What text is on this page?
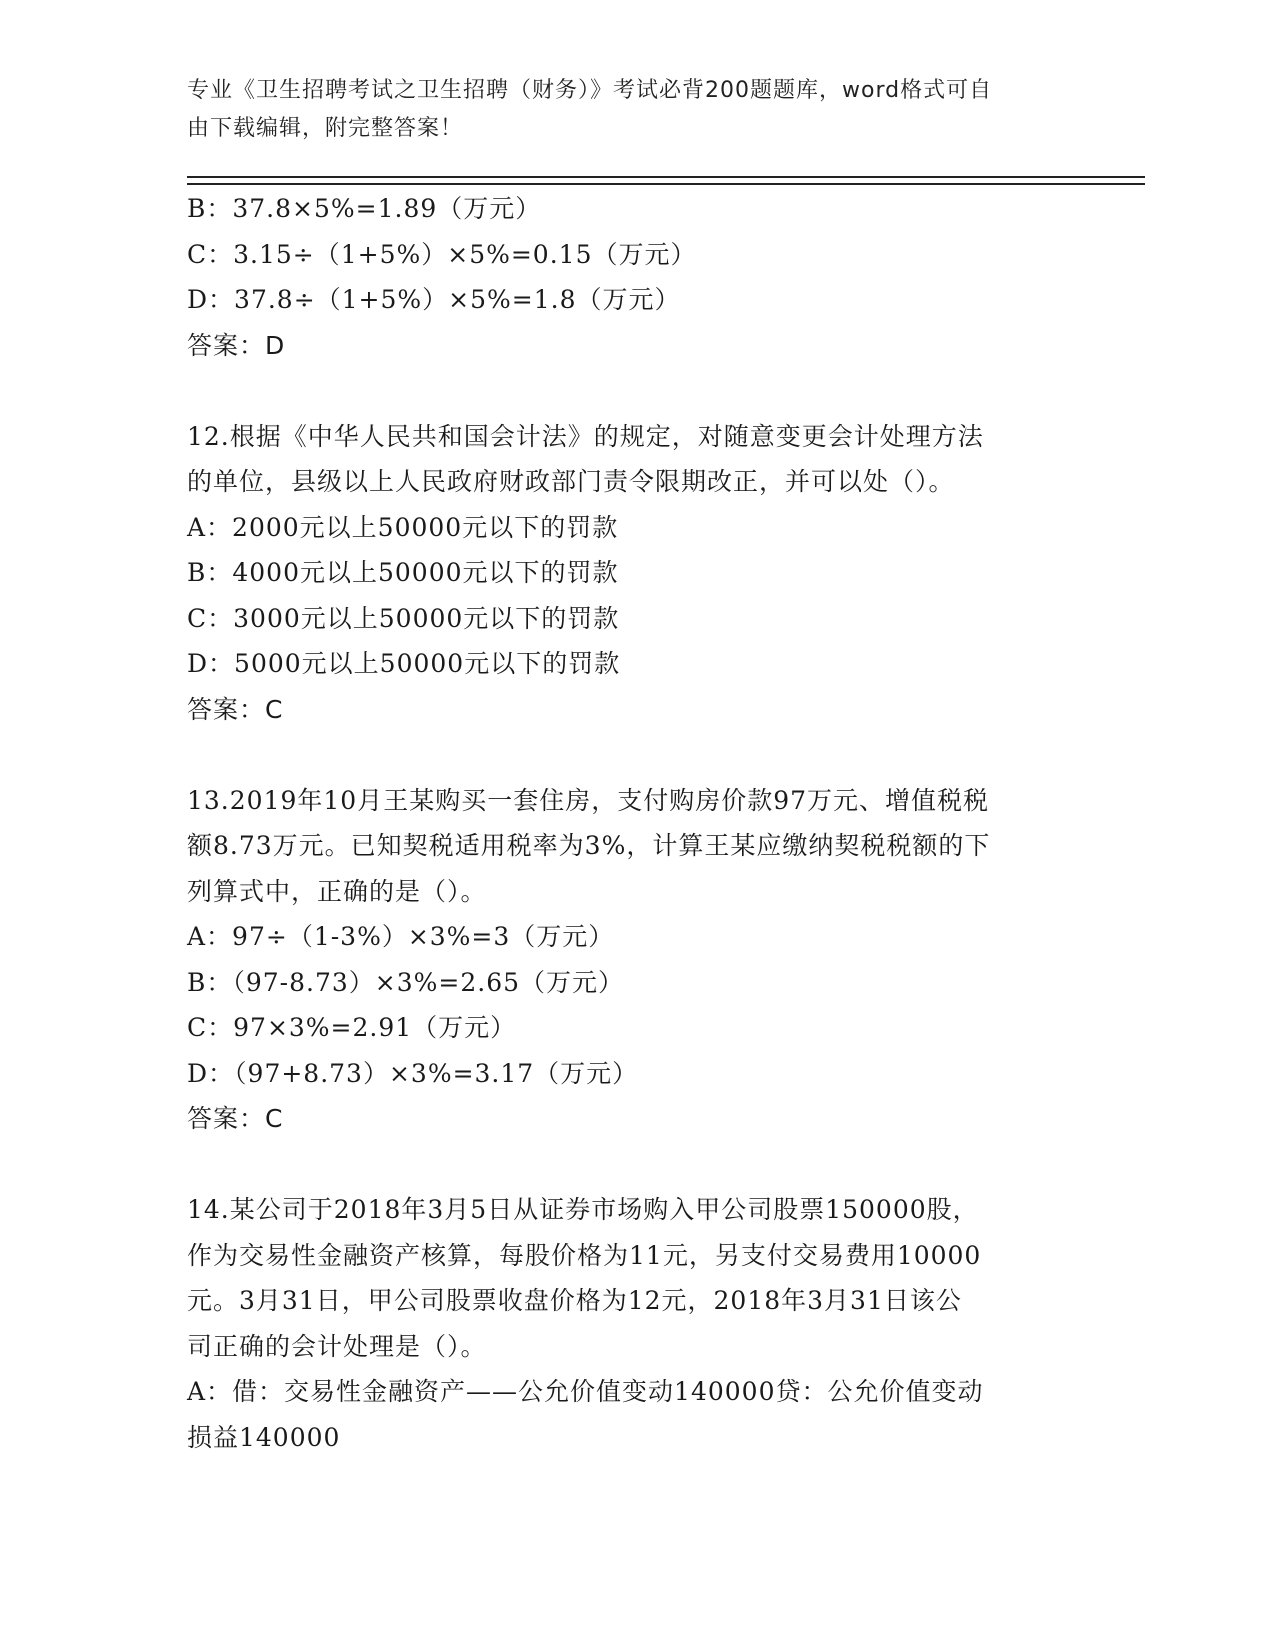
专业《卫生招聘考试之卫生招聘（财务）》考试必背200题题库，word格式可自
由下载编辑，附完整答案！
B：37.8×5%=1.89（万元）
C：3.15÷（1+5%）×5%=0.15（万元）
D：37.8÷（1+5%）×5%=1.8（万元）
答案：D
12.根据《中华人民共和国会计法》的规定，对随意变更会计处理方法
的单位，县级以上人民政府财政部门责令限期改正，并可以处（）。
A：2000元以上50000元以下的罚款
B：4000元以上50000元以下的罚款
C：3000元以上50000元以下的罚款
D：5000元以上50000元以下的罚款
答案：C
13.2019年10月王某购买一套住房，支付购房价款97万元、增值税税
额8.73万元。已知契税适用税率为3%，计算王某应缴纳契税税额的下
列算式中，正确的是（）。
A：97÷（1-3%）×3%=3（万元）
B：（97-8.73）×3%=2.65（万元）
C：97×3%=2.91（万元）
D：（97+8.73）×3%=3.17（万元）
答案：C
14.某公司于2018年3月5日从证券市场购入甲公司股票150000股，
作为交易性金融资产核算，每股价格为11元，另支付交易费用10000
元。3月31日，甲公司股票收盘价格为12元，2018年3月31日该公
司正确的会计处理是（）。
A：借：交易性金融资产——公允价值变动140000贷：公允价值变动
损益140000
